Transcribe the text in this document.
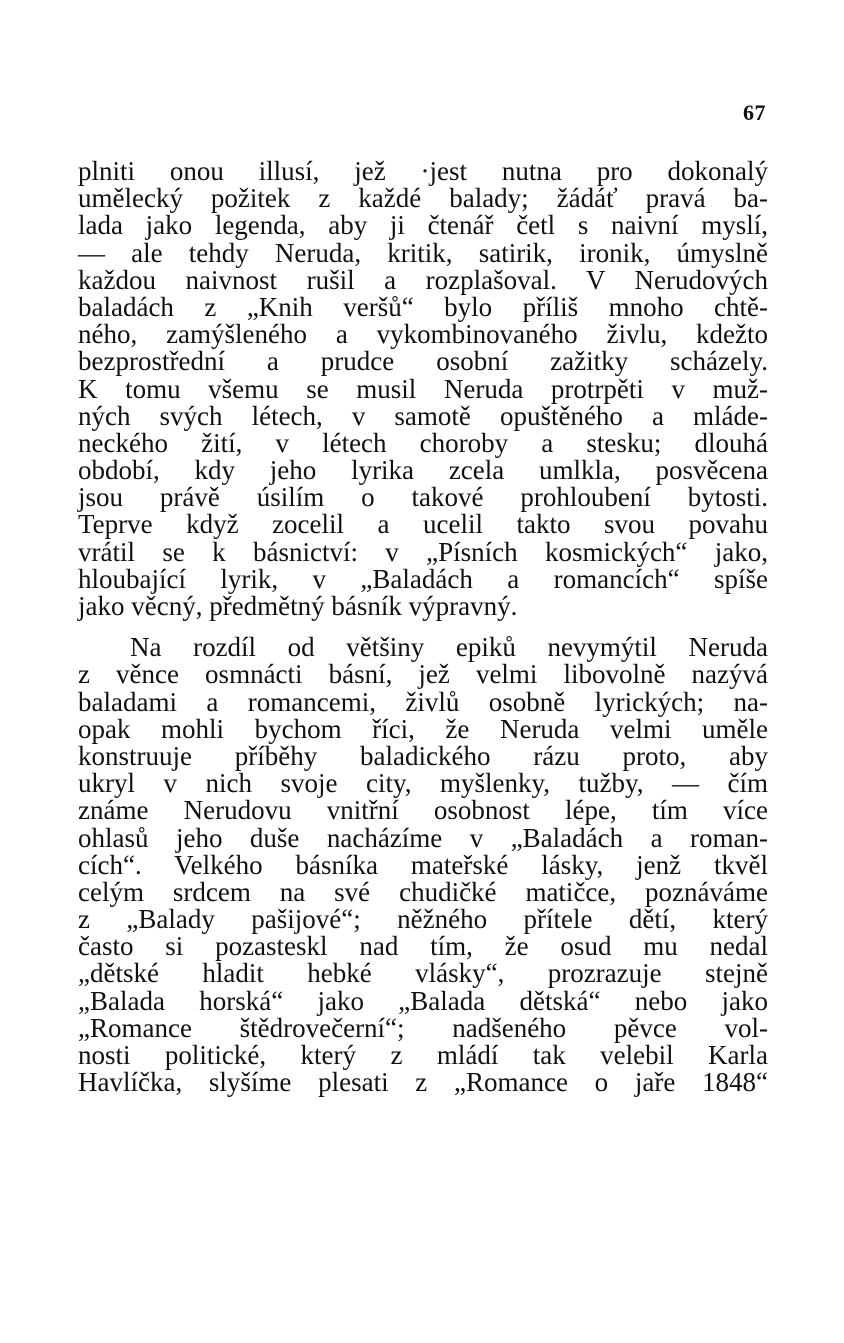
67
plniti onou illusí, jež ·jest nutna pro dokonalý
umělecký požitek z každé balady; žádáť pravá ba-
lada jako legenda, aby ji čtenář četl s naivní myslí,
— ale tehdy Neruda, kritik, satirik, ironik, úmyslně
každou naivnost rušil a rozplašoval. V Nerudových
baladách z „Knih veršů“ bylo příliš mnoho chtě-
ného, zamýšleného a vykombinovaného živlu, kdežto
bezprostřední a prudce osobní zažitky scházely.
K tomu všemu se musil Neruda protrpěti v muž-
ných svých létech, v samotě opuštěného a mláde-
neckého žití, v létech choroby a stesku; dlouhá
období, kdy jeho lyrika zcela umlkla, posvěcena
jsou právě úsilím o takové prohloubení bytosti.
Teprve když zocelil a ucelil takto svou povahu
vrátil se k básnictví: v „Písních kosmických“ jako,
hloubající lyrik, v „Baladách a romancích“ spíše
jako věcný, předmětný básník výpravný.
Na rozdíl od většiny epiků nevymýtil Neruda
z věnce osmnácti básní, jež velmi libovolně nazývá
baladami a romancemi, živlů osobně lyrických; na-
opak mohli bychom říci, že Neruda velmi uměle
konstruuje příběhy baladického rázu proto, aby
ukryl v nich svoje city, myšlenky, tužby, — čím
známe Nerudovu vnitřní osobnost lépe, tím více
ohlasů jeho duše nacházíme v „Baladách a roman-
cích“. Velkého básníka mateřské lásky, jenž tkvěl
celým srdcem na své chudičké matičce, poznáváme
z „Balady pašijové“; něžného přítele dětí, který
často si pozasteskl nad tím, že osud mu nedal
„dětské hladit hebké vlásky“, prozrazuje stejně
„Balada horská“ jako „Balada dětská“ nebo jako
„Romance štědrovečerní“; nadšeného pěvce vol-
nosti politické, který z mládí tak velebil Karla
Havlíčka, slyšíme plesati z „Romance o jaře 1848“
